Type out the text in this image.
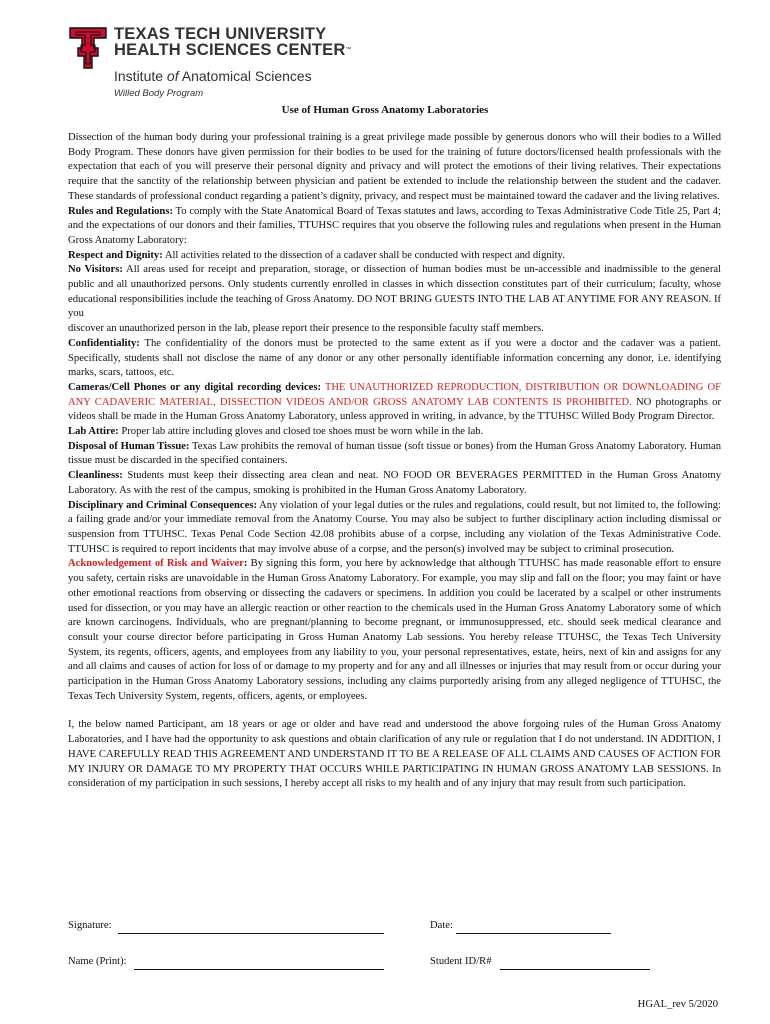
TEXAS TECH UNIVERSITY
HEALTH SCIENCES CENTER™
Institute of Anatomical Sciences
Willed Body Program
Use of Human Gross Anatomy Laboratories

Dissection of the human body during your professional training is a great privilege made possible by generous donors who will their bodies to a Willed Body Program. These donors have given permission for their bodies to be used for the training of future doctors/licensed health professionals with the expectation that each of you will preserve their personal dignity and privacy and will protect the emotions of their living relatives. Their expectations require that the sanctity of the relationship between physician and patient be extended to include the relationship between the student and the cadaver. These standards of professional conduct regarding a patient’s dignity, privacy, and respect must be maintained toward the cadaver and the living relatives.

Rules and Regulations: To comply with the State Anatomical Board of Texas statutes and laws, according to Texas Administrative Code Title 25, Part 4; and the expectations of our donors and their families, TTUHSC requires that you observe the following rules and regulations when present in the Human Gross Anatomy Laboratory:

Respect and Dignity: All activities related to the dissection of a cadaver shall be conducted with respect and dignity.

No Visitors: All areas used for receipt and preparation, storage, or dissection of human bodies must be un-accessible and inadmissible to the general public and all unauthorized persons. Only students currently enrolled in classes in which dissection constitutes part of their curriculum; faculty, whose educational responsibilities include the teaching of Gross Anatomy. DO NOT BRING GUESTS INTO THE LAB AT ANYTIME FOR ANY REASON. If you

discover an unauthorized person in the lab, please report their presence to the responsible faculty staff members.

Confidentiality: The confidentiality of the donors must be protected to the same extent as if you were a doctor and the cadaver was a patient. Specifically, students shall not disclose the name of any donor or any other personally identifiable information concerning any donor, i.e. identifying marks, scars, tattoos, etc.

Cameras/Cell Phones or any digital recording devices: THE UNAUTHORIZED REPRODUCTION, DISTRIBUTION OR DOWNLOADING OF ANY CADAVERIC MATERIAL, DISSECTION VIDEOS AND/OR GROSS ANATOMY LAB CONTENTS IS PROHIBITED. NO photographs or videos shall be made in the Human Gross Anatomy Laboratory, unless approved in writing, in advance, by the TTUHSC Willed Body Program Director.

Lab Attire: Proper lab attire including gloves and closed toe shoes must be worn while in the lab.

Disposal of Human Tissue: Texas Law prohibits the removal of human tissue (soft tissue or bones) from the Human Gross Anatomy Laboratory. Human tissue must be discarded in the specified containers.

Cleanliness: Students must keep their dissecting area clean and neat. NO FOOD OR BEVERAGES PERMITTED in the Human Gross Anatomy Laboratory. As with the rest of the campus, smoking is prohibited in the Human Gross Anatomy Laboratory.

Disciplinary and Criminal Consequences: Any violation of your legal duties or the rules and regulations, could result, but not limited to, the following: a failing grade and/or your immediate removal from the Anatomy Course. You may also be subject to further disciplinary action including dismissal or suspension from TTUHSC. Texas Penal Code Section 42.08 prohibits abuse of a corpse, including any violation of the Texas Administrative Code. TTUHSC is required to report incidents that may involve abuse of a corpse, and the person(s) involved may be subject to criminal prosecution.

Acknowledgement of Risk and Waiver: By signing this form, you here by acknowledge that although TTUHSC has made reasonable effort to ensure you safety, certain risks are unavoidable in the Human Gross Anatomy Laboratory. For example, you may slip and fall on the floor; you may faint or have other emotional reactions from observing or dissecting the cadavers or specimens. In addition you could be lacerated by a scalpel or other instruments used for dissection, or you may have an allergic reaction or other reaction to the chemicals used in the Human Gross Anatomy Laboratory some of which are known carcinogens. Individuals, who are pregnant/planning to become pregnant, or immunosuppressed, etc. should seek medical clearance and consult your course director before participating in Gross Human Anatomy Lab sessions. You hereby release TTUHSC, the Texas Tech University System, its regents, officers, agents, and employees from any liability to you, your personal representatives, estate, heirs, next of kin and assigns for any and all claims and causes of action for loss of or damage to my property and for any and all illnesses or injuries that may result from or occur during your participation in the Human Gross Anatomy Laboratory sessions, including any claims purportedly arising from any alleged negligence of TTUHSC, the Texas Tech University System, regents, officers, agents, or employees.

I, the below named Participant, am 18 years or age or older and have read and understood the above forgoing rules of the Human Gross Anatomy Laboratories, and I have had the opportunity to ask questions and obtain clarification of any rule or regulation that I do not understand. IN ADDITION, I HAVE CAREFULLY READ THIS AGREEMENT AND UNDERSTAND IT TO BE A RELEASE OF ALL CLAIMS AND CAUSES OF ACTION FOR MY INJURY OR DAMAGE TO MY PROPERTY THAT OCCURS WHILE PARTICIPATING IN HUMAN GROSS ANATOMY LAB SESSIONS. In consideration of my participation in such sessions, I hereby accept all risks to my health and of any injury that may result from such participation.

Signature:	Date:
Name (Print):	Student ID/R#
HGAL_rev 5/2020
